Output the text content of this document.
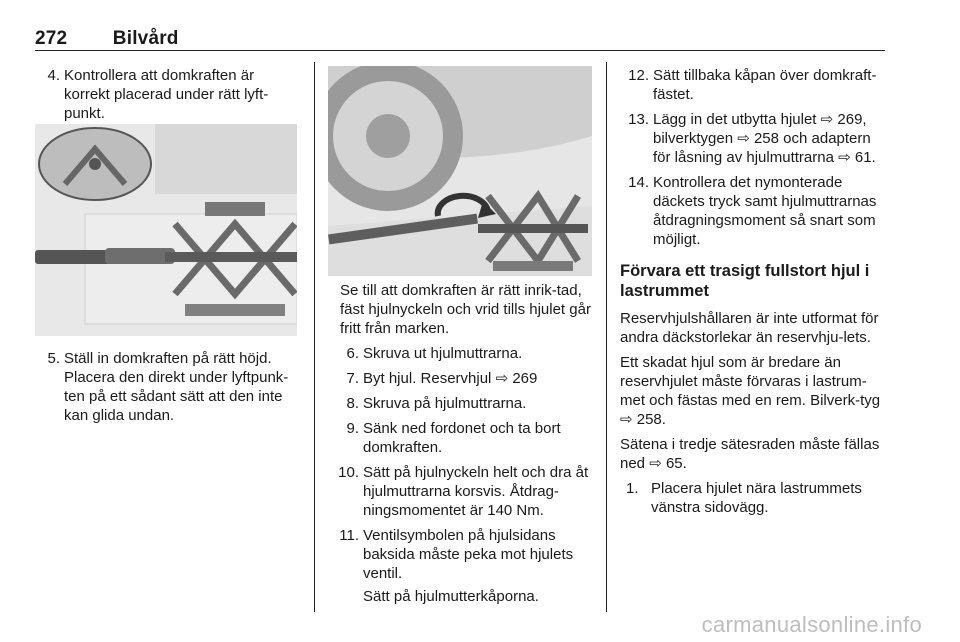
272 Bilvård
4. Kontrollera att domkraften är korrekt placerad under rätt lyft-punkt.
5. Ställ in domkraften på rätt höjd. Placera den direkt under lyftpunk-ten på ett sådant sätt att den inte kan glida undan.
Se till att domkraften är rätt inrik-tad, fäst hjulnyckeln och vrid tills hjulet går fritt från marken.
6. Skruva ut hjulmuttrarna.
7. Byt hjul. Reservhjul ⇨ 269
8. Skruva på hjulmuttrarna.
9. Sänk ned fordonet och ta bort domkraften.
10. Sätt på hjulnyckeln helt och dra åt hjulmuttrarna korsvis. Åtdrag-ningsmomentet är 140 Nm.
11. Ventilsymbolen på hjulsidans baksida måste peka mot hjulets ventil.
Sätt på hjulmutterkåporna.
12. Sätt tillbaka kåpan över domkraft-fästet.
13. Lägg in det utbytta hjulet ⇨ 269, bilverktygen ⇨ 258 och adaptern för låsning av hjulmuttrarna ⇨ 61.
14. Kontrollera det nymonterade däckets tryck samt hjulmuttrarnas åtdragningsmoment så snart som möjligt.
Förvara ett trasigt fullstort hjul i lastrummet
Reservhjulshållaren är inte utformat för andra däckstorlekar än reservhju-lets.
Ett skadat hjul som är bredare än reservhjulet måste förvaras i lastrum-met och fästas med en rem. Bilverk-tyg ⇨ 258.
Sätena i tredje sätesraden måste fällas ned ⇨ 65.
1. Placera hjulet nära lastrummets vänstra sidovägg.
carmanualsonline.info
